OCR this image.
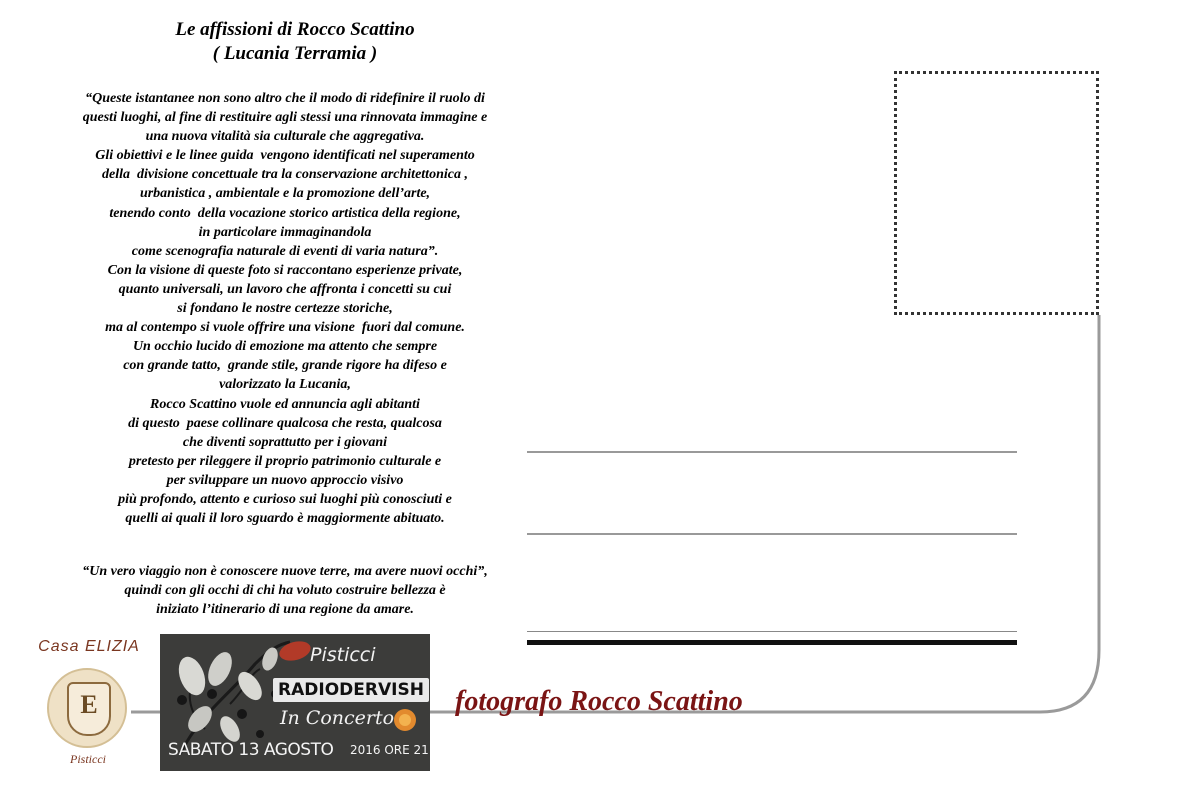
Le affissioni di Rocco Scattino
( Lucania Terramia )
“Queste istantanee non sono altro che il modo di ridefinire il ruolo di
questi luoghi, al fine di restituire agli stessi una rinnovata immagine e
una nuova vitalità sia culturale che aggregativa.
Gli obiettivi e le linee guida  vengono identificati nel superamento
della  divisione concettuale tra la conservazione architettonica ,
urbanistica , ambientale e la promozione dell’arte,
tenendo conto  della vocazione storico artistica della regione,
in particolare immaginandola
come scenografia naturale di eventi di varia natura”.
Con la visione di queste foto si raccontano esperienze private,
quanto universali, un lavoro che affronta i concetti su cui
si fondano le nostre certezze storiche,
ma al contempo si vuole offrire una visione  fuori dal comune.
Un occhio lucido di emozione ma attento che sempre
con grande tatto,  grande stile, grande rigore ha difeso e
valorizzato la Lucania,
Rocco Scattino vuole ed annuncia agli abitanti
di questo  paese collinare qualcosa che resta, qualcosa
che diventi soprattutto per i giovani
pretesto per rileggere il proprio patrimonio culturale e
per sviluppare un nuovo approccio visivo
più profondo, attento e curioso sui luoghi più conosciuti e
quelli ai quali il loro sguardo è maggiormente abituato.
“Un vero viaggio non è conoscere nuove terre, ma avere nuovi occhi”,
quindi con gli occhi di chi ha voluto costruire bellezza è
iniziato l’itinerario di una regione da amare.
Casa ELIZIA
E
Pisticci
Pisticci
RADIODERVISH
In Concerto
SABATO 13 AGOSTO 2016 ORE 21
fotografo Rocco Scattino
